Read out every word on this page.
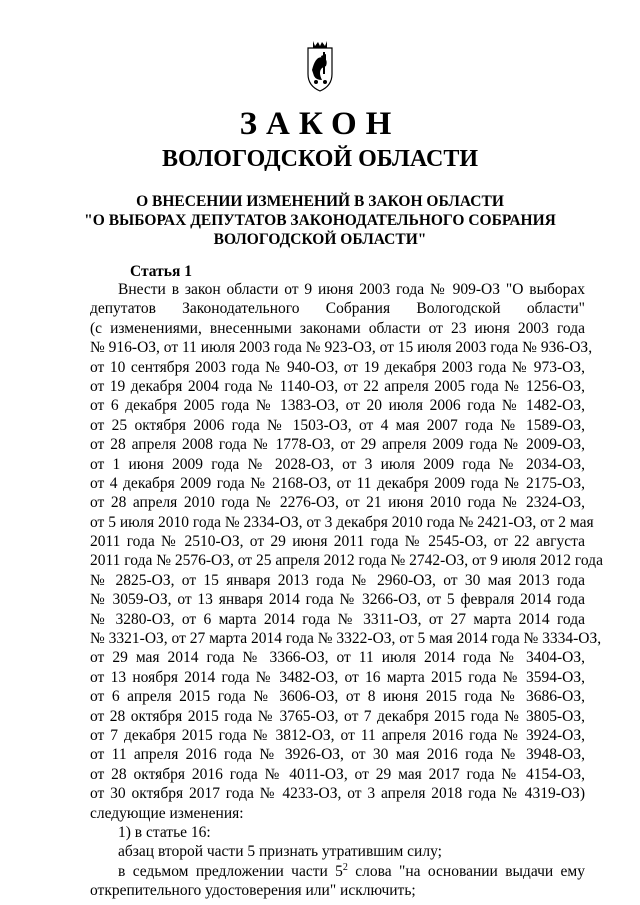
ЗАКОН
ВОЛОГОДСКОЙ ОБЛАСТИ
О ВНЕСЕНИИ ИЗМЕНЕНИЙ В ЗАКОН ОБЛАСТИ
"О ВЫБОРАХ ДЕПУТАТОВ ЗАКОНОДАТЕЛЬНОГО СОБРАНИЯ
ВОЛОГОДСКОЙ ОБЛАСТИ"
Статья 1
Внести в закон области от 9 июня 2003 года № 909-ОЗ "О выборах
депутатов Законодательного Собрания Вологодской области"
(с изменениями, внесенными законами области от 23 июня 2003 года
№ 916-ОЗ, от 11 июля 2003 года № 923-ОЗ, от 15 июля 2003 года № 936-ОЗ,
от 10 сентября 2003 года № 940-ОЗ, от 19 декабря 2003 года № 973-ОЗ,
от 19 декабря 2004 года № 1140-ОЗ, от 22 апреля 2005 года № 1256-ОЗ,
от 6 декабря 2005 года № 1383-ОЗ, от 20 июля 2006 года № 1482-ОЗ,
от 25 октября 2006 года № 1503-ОЗ, от 4 мая 2007 года № 1589-ОЗ,
от 28 апреля 2008 года № 1778-ОЗ, от 29 апреля 2009 года № 2009-ОЗ,
от 1 июня 2009 года № 2028-ОЗ, от 3 июля 2009 года № 2034-ОЗ,
от 4 декабря 2009 года № 2168-ОЗ, от 11 декабря 2009 года № 2175-ОЗ,
от 28 апреля 2010 года № 2276-ОЗ, от 21 июня 2010 года № 2324-ОЗ,
от 5 июля 2010 года № 2334-ОЗ, от 3 декабря 2010 года № 2421-ОЗ, от 2 мая
2011 года № 2510-ОЗ, от 29 июня 2011 года № 2545-ОЗ, от 22 августа
2011 года № 2576-ОЗ, от 25 апреля 2012 года № 2742-ОЗ, от 9 июля 2012 года
№ 2825-ОЗ, от 15 января 2013 года № 2960-ОЗ, от 30 мая 2013 года
№ 3059-ОЗ, от 13 января 2014 года № 3266-ОЗ, от 5 февраля 2014 года
№ 3280-ОЗ, от 6 марта 2014 года № 3311-ОЗ, от 27 марта 2014 года
№ 3321-ОЗ, от 27 марта 2014 года № 3322-ОЗ, от 5 мая 2014 года № 3334-ОЗ,
от 29 мая 2014 года № 3366-ОЗ, от 11 июля 2014 года № 3404-ОЗ,
от 13 ноября 2014 года № 3482-ОЗ, от 16 марта 2015 года № 3594-ОЗ,
от 6 апреля 2015 года № 3606-ОЗ, от 8 июня 2015 года № 3686-ОЗ,
от 28 октября 2015 года № 3765-ОЗ, от 7 декабря 2015 года № 3805-ОЗ,
от 7 декабря 2015 года № 3812-ОЗ, от 11 апреля 2016 года № 3924-ОЗ,
от 11 апреля 2016 года № 3926-ОЗ, от 30 мая 2016 года № 3948-ОЗ,
от 28 октября 2016 года № 4011-ОЗ, от 29 мая 2017 года № 4154-ОЗ,
от 30 октября 2017 года № 4233-ОЗ, от 3 апреля 2018 года № 4319-ОЗ)
следующие изменения:
1) в статье 16:
абзац второй части 5 признать утратившим силу;
в седьмом предложении части $5^2$ слова "на основании выдачи ему
открепительного удостоверения или" исключить;
